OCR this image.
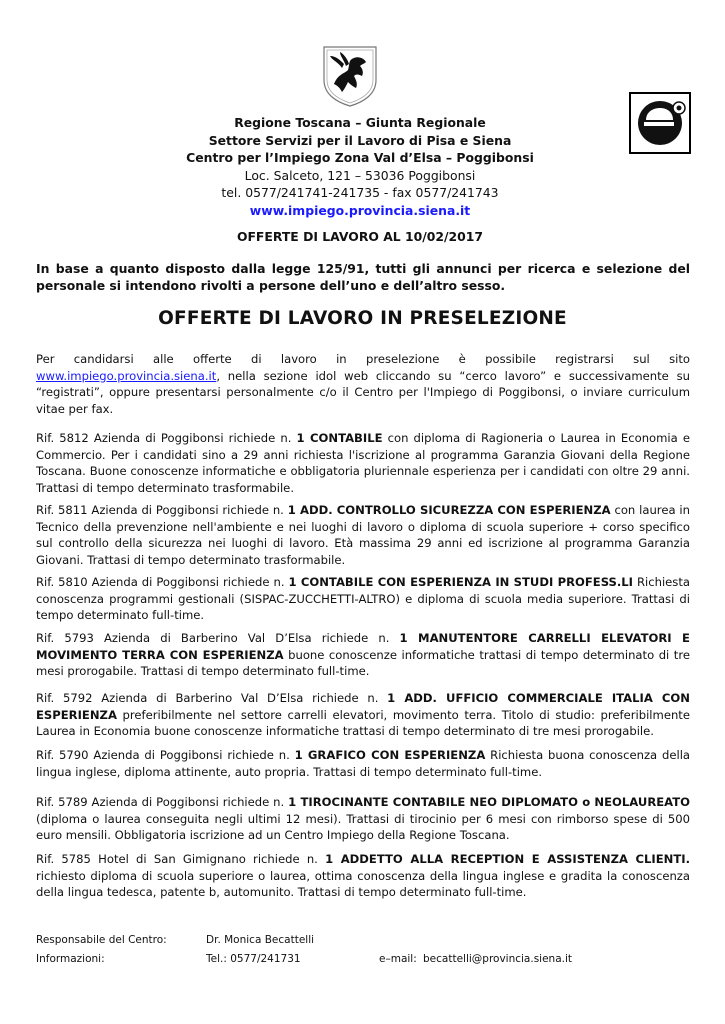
Regione Toscana – Giunta Regionale
Settore Servizi per il Lavoro di Pisa e Siena
Centro per l’Impiego Zona Val d’Elsa – Poggibonsi
Loc. Salceto, 121 – 53036 Poggibonsi
tel. 0577/241741-241735 - fax 0577/241743
www.impiego.provincia.siena.it
OFFERTE DI LAVORO AL 10/02/2017
In base a quanto disposto dalla legge 125/91, tutti gli annunci per ricerca e selezione del personale si intendono rivolti a persone dell’uno e dell’altro sesso.
OFFERTE DI LAVORO IN PRESELEZIONE
Per candidarsi alle offerte di lavoro in preselezione è possibile registrarsi sul sito www.impiego.provincia.siena.it, nella sezione idol web cliccando su “cerco lavoro” e successivamente su “registrati”, oppure presentarsi personalmente c/o il Centro per l'Impiego di Poggibonsi, o inviare curriculum vitae per fax.
Rif. 5812 Azienda di Poggibonsi richiede n. 1 CONTABILE con diploma di Ragioneria o Laurea in Economia e Commercio. Per i candidati sino a 29 anni richiesta l'iscrizione al programma Garanzia Giovani della Regione Toscana. Buone conoscenze informatiche e obbligatoria pluriennale esperienza per i candidati con oltre 29 anni. Trattasi di tempo determinato trasformabile.
Rif. 5811 Azienda di Poggibonsi richiede n. 1 ADD. CONTROLLO SICUREZZA CON ESPERIENZA con laurea in Tecnico della prevenzione nell'ambiente e nei luoghi di lavoro o diploma di scuola superiore + corso specifico sul controllo della sicurezza nei luoghi di lavoro. Età massima 29 anni ed iscrizione al programma Garanzia Giovani. Trattasi di tempo determinato trasformabile.
Rif. 5810 Azienda di Poggibonsi richiede n. 1 CONTABILE CON ESPERIENZA IN STUDI PROFESS.LI Richiesta conoscenza programmi gestionali (SISPAC-ZUCCHETTI-ALTRO) e diploma di scuola media superiore. Trattasi di tempo determinato full-time.
Rif. 5793 Azienda di Barberino Val D’Elsa richiede n. 1 MANUTENTORE CARRELLI ELEVATORI E MOVIMENTO TERRA CON ESPERIENZA buone conoscenze informatiche trattasi di tempo determinato di tre mesi prorogabile. Trattasi di tempo determinato full-time.
Rif. 5792 Azienda di Barberino Val D’Elsa richiede n. 1 ADD. UFFICIO COMMERCIALE ITALIA CON ESPERIENZA preferibilmente nel settore carrelli elevatori, movimento terra. Titolo di studio: preferibilmente Laurea in Economia buone conoscenze informatiche trattasi di tempo determinato di tre mesi prorogabile.
Rif. 5790 Azienda di Poggibonsi richiede n. 1 GRAFICO CON ESPERIENZA Richiesta buona conoscenza della lingua inglese, diploma attinente, auto propria. Trattasi di tempo determinato full-time.
Rif. 5789 Azienda di Poggibonsi richiede n. 1 TIROCINANTE CONTABILE NEO DIPLOMATO o NEOLAUREATO (diploma o laurea conseguita negli ultimi 12 mesi). Trattasi di tirocinio per 6 mesi con rimborso spese di 500 euro mensili. Obbligatoria iscrizione ad un Centro Impiego della Regione Toscana.
Rif. 5785 Hotel di San Gimignano richiede n. 1 ADDETTO ALLA RECEPTION E ASSISTENZA CLIENTI. richiesto diploma di scuola superiore o laurea, ottima conoscenza della lingua inglese e gradita la conoscenza della lingua tedesca, patente b, automunito. Trattasi di tempo determinato full-time.
Responsabile del Centro:	Dr. Monica Becattelli
Informazioni:	Tel.: 0577/241731	e–mail: becattelli@provincia.siena.it
